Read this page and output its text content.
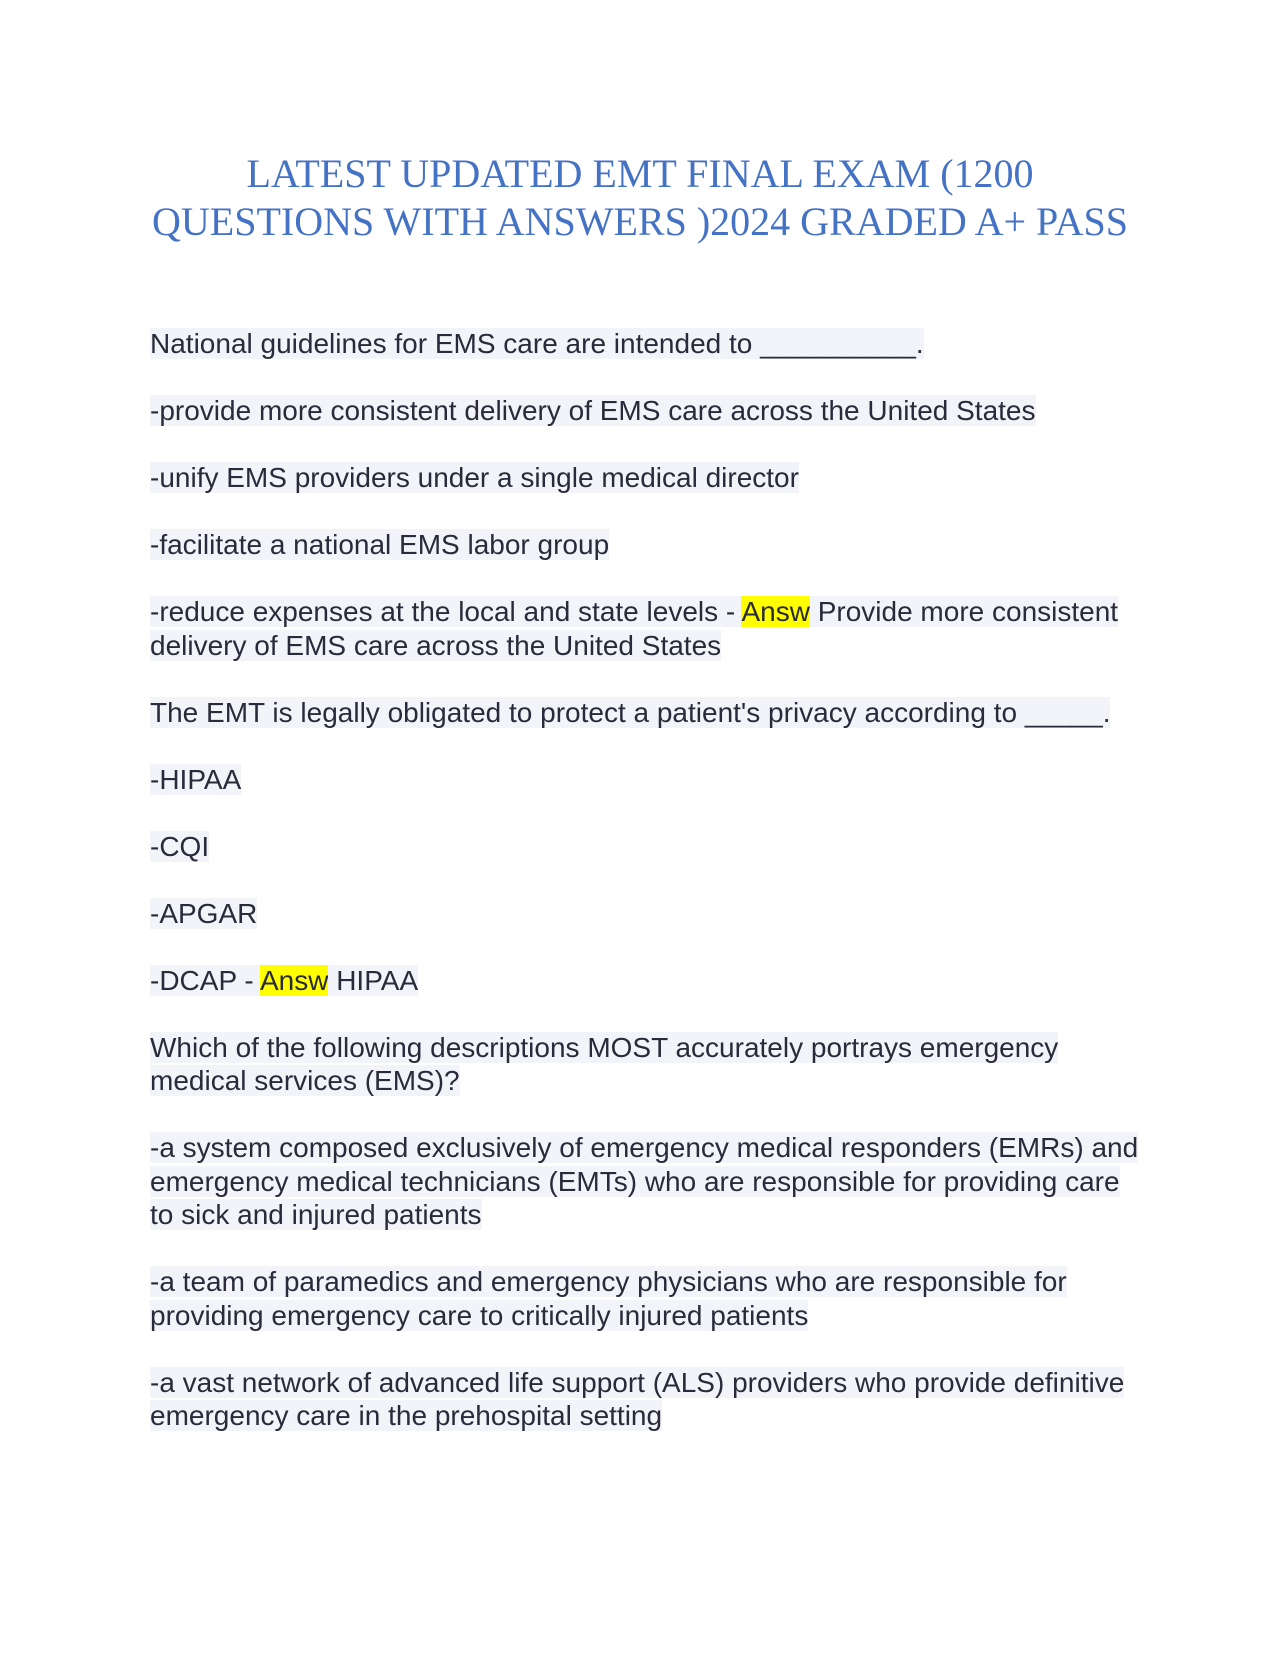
LATEST UPDATED EMT FINAL EXAM (1200 QUESTIONS WITH ANSWERS )2024 GRADED A+ PASS

National guidelines for EMS care are intended to __________.

-provide more consistent delivery of EMS care across the United States

-unify EMS providers under a single medical director

-facilitate a national EMS labor group

-reduce expenses at the local and state levels - Answ Provide more consistent delivery of EMS care across the United States

The EMT is legally obligated to protect a patient's privacy according to _____.

-HIPAA

-CQI

-APGAR

-DCAP - Answ HIPAA

Which of the following descriptions MOST accurately portrays emergency medical services (EMS)?

-a system composed exclusively of emergency medical responders (EMRs) and emergency medical technicians (EMTs) who are responsible for providing care to sick and injured patients

-a team of paramedics and emergency physicians who are responsible for providing emergency care to critically injured patients

-a vast network of advanced life support (ALS) providers who provide definitive emergency care in the prehospital setting
